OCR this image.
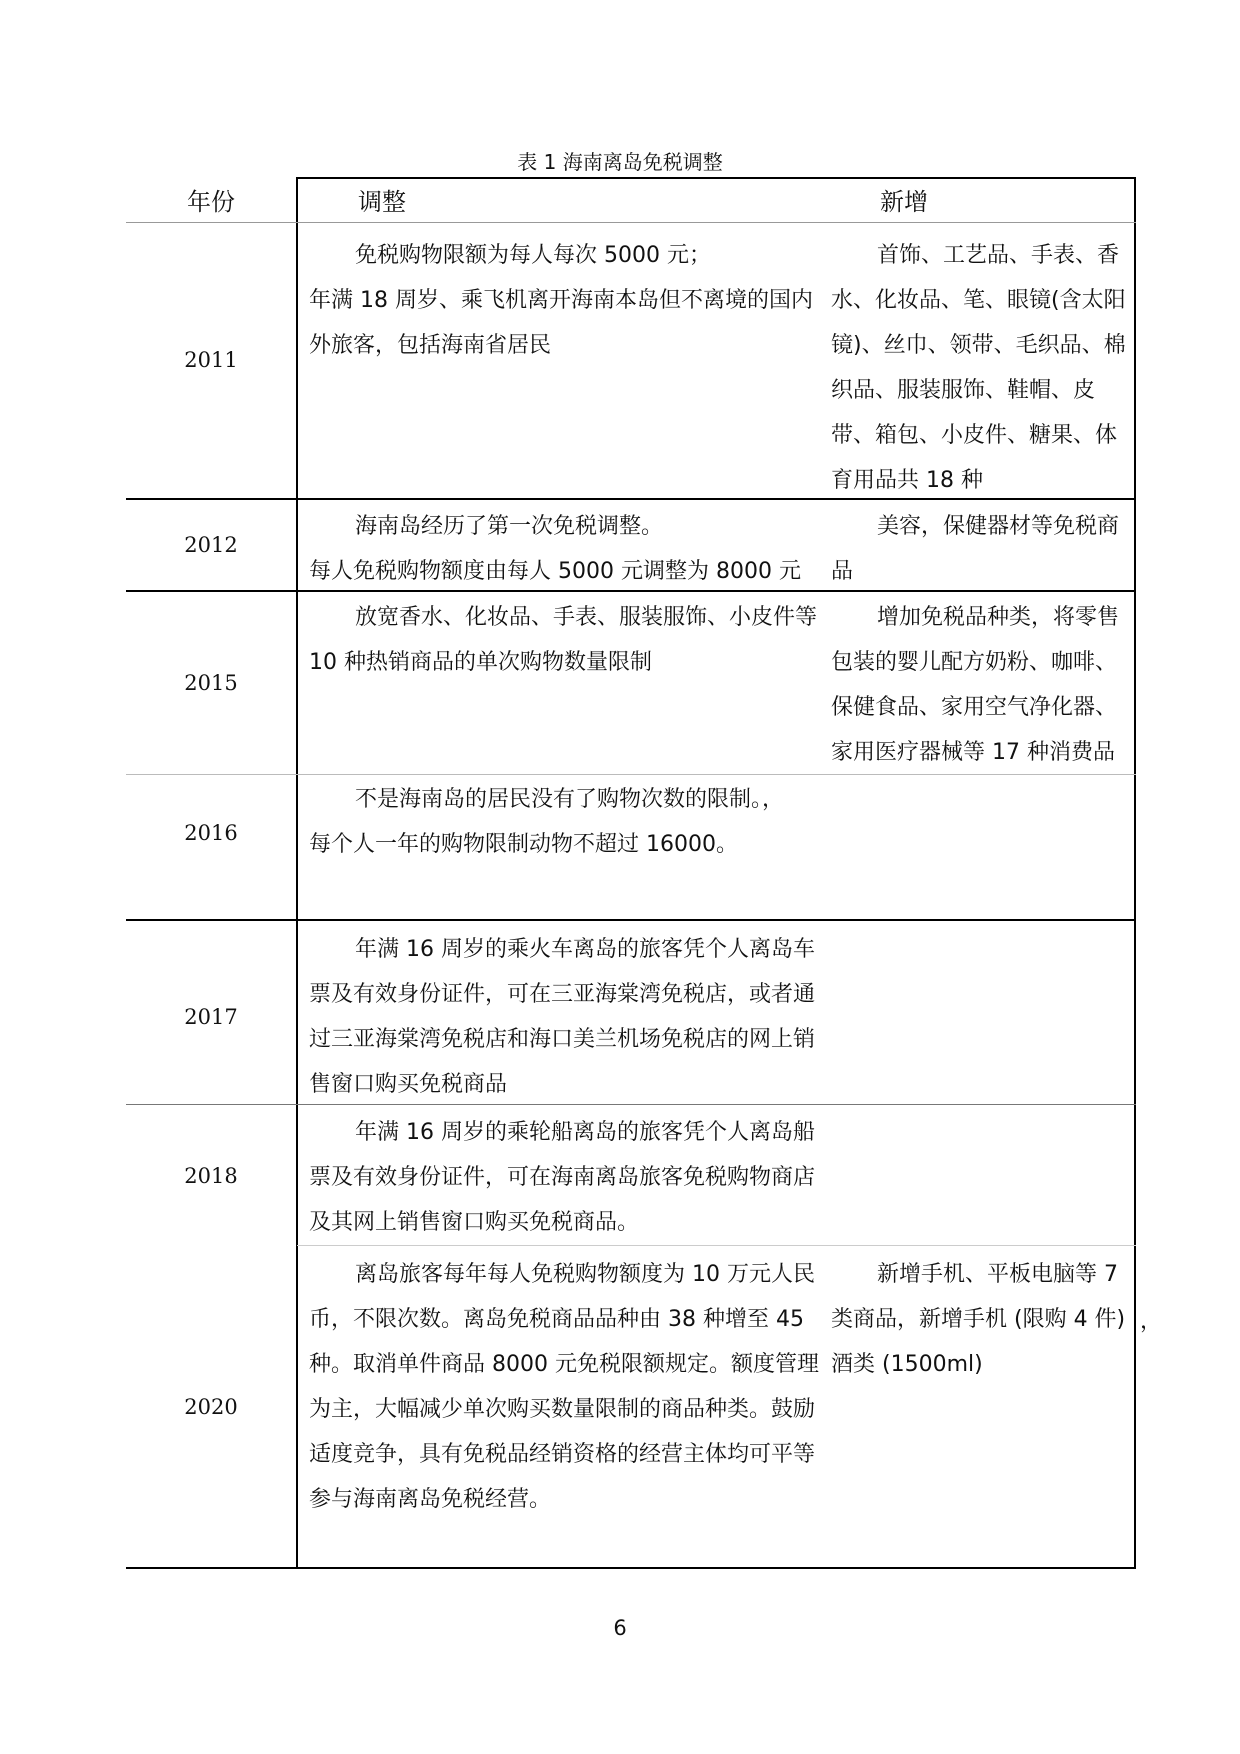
表 1 海南离岛免税调整
年份	调整	新增
2011

免税购物限额为每人每次 5000 元；

年满 18 周岁、乘飞机离开海南本岛但不离境的国内外旅客，包括海南省居民

首饰、工艺品、手表、香水、化妆品、笔、眼镜(含太阳镜)、丝巾、领带、毛织品、棉织品、服装服饰、鞋帽、皮带、箱包、小皮件、糖果、体育用品共 18 种

2012

海南岛经历了第一次免税调整。

每人免税购物额度由每人 5000 元调整为 8000 元

美容，保健器材等免税商品

2015

放宽香水、化妆品、手表、服装服饰、小皮件等 10 种热销商品的单次购物数量限制

增加免税品种类，将零售包装的婴儿配方奶粉、咖啡、保健食品、家用空气净化器、家用医疗器械等 17 种消费品

2016

不是海南岛的居民没有了购物次数的限制。，

每个人一年的购物限制动物不超过 16000。

2017

年满 16 周岁的乘火车离岛的旅客凭个人离岛车票及有效身份证件，可在三亚海棠湾免税店，或者通过三亚海棠湾免税店和海口美兰机场免税店的网上销售窗口购买免税商品

2018

年满 16 周岁的乘轮船离岛的旅客凭个人离岛船票及有效身份证件，可在海南离岛旅客免税购物商店及其网上销售窗口购买免税商品。

2020

离岛旅客每年每人免税购物额度为 10 万元人民币，不限次数。离岛免税商品品种由 38 种增至 45 种。取消单件商品 8000 元免税限额规定。额度管理为主，大幅减少单次购买数量限制的商品种类。鼓励适度竞争，具有免税品经销资格的经营主体均可平等参与海南离岛免税经营。

新增手机、平板电脑等 7 类商品，新增手机 (限购 4 件)

酒类 (1500ml)

，
6
